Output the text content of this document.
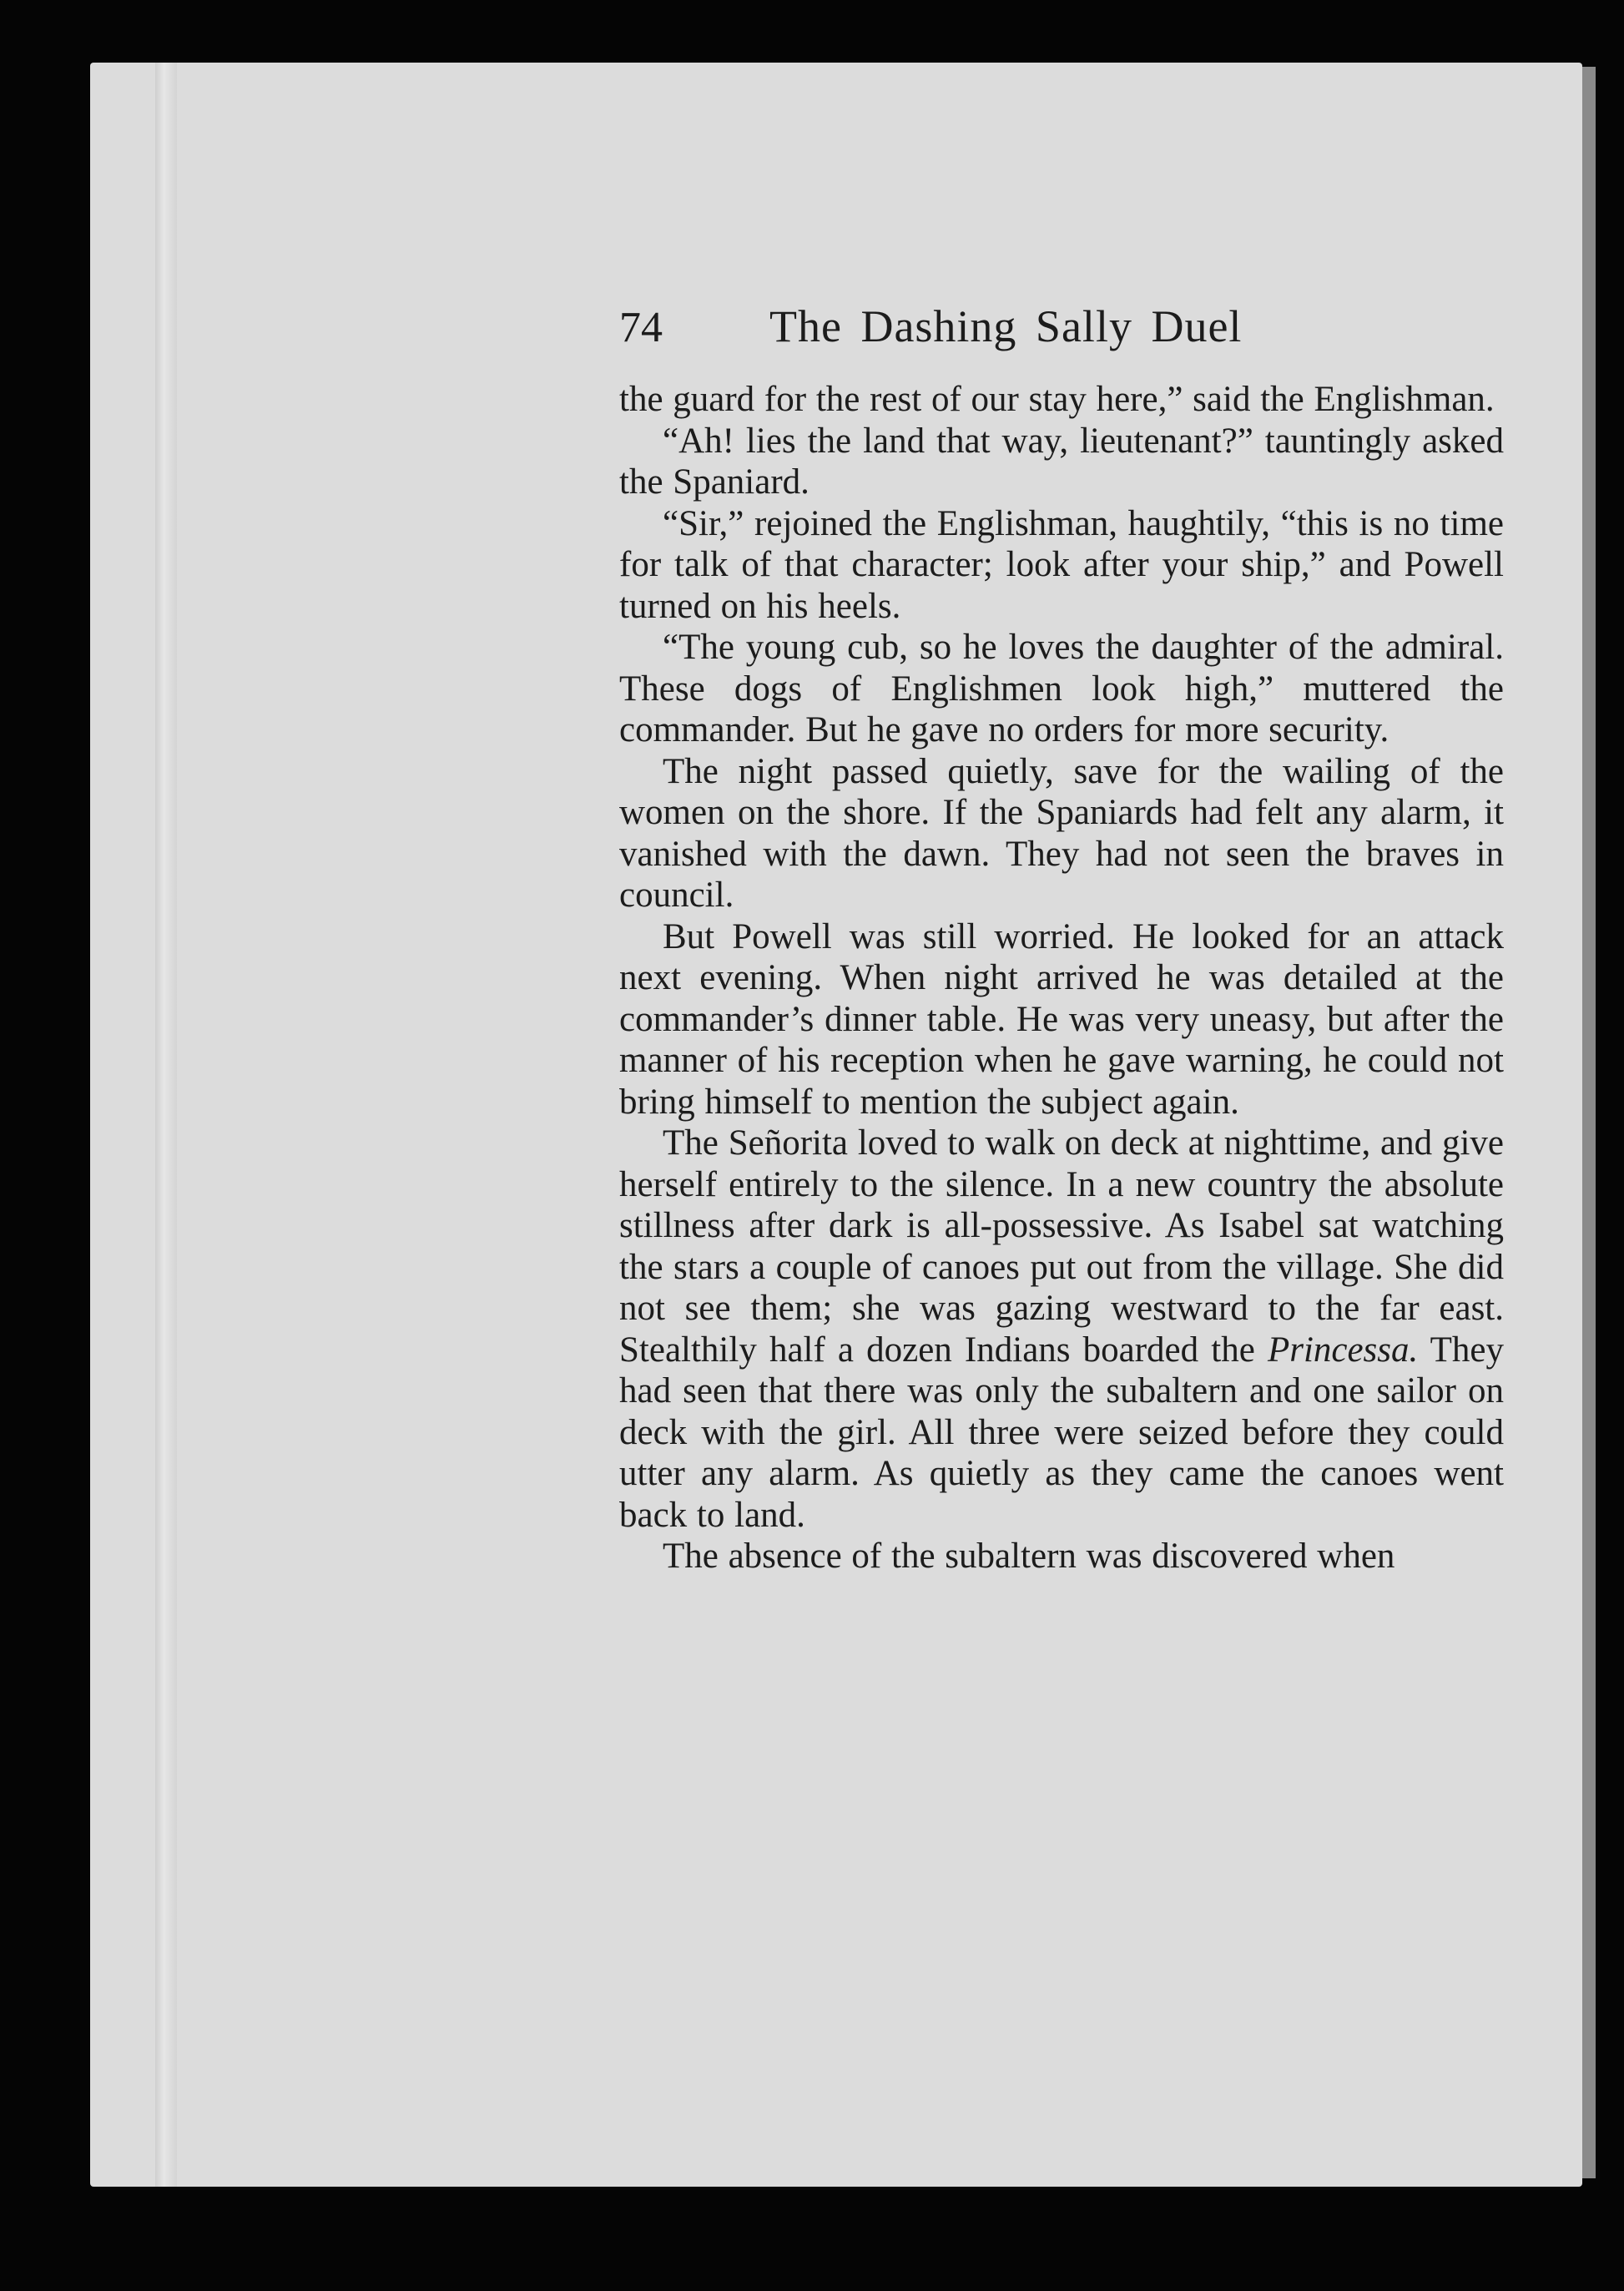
74	The Dashing Sally Duel

the guard for the rest of our stay here,” said the Englishman.

“Ah! lies the land that way, lieutenant?” tauntingly asked the Spaniard.

“Sir,” rejoined the Englishman, haughtily, “this is no time for talk of that character; look after your ship,” and Powell turned on his heels.

“The young cub, so he loves the daughter of the admiral. These dogs of Englishmen look high,” muttered the commander. But he gave no orders for more security.

The night passed quietly, save for the wailing of the women on the shore. If the Spaniards had felt any alarm, it vanished with the dawn. They had not seen the braves in council.

But Powell was still worried. He looked for an attack next evening. When night arrived he was detailed at the commander’s dinner table. He was very uneasy, but after the manner of his reception when he gave warning, he could not bring himself to mention the subject again.

The Señorita loved to walk on deck at nighttime, and give herself entirely to the silence. In a new country the absolute stillness after dark is all-possessive. As Isabel sat watching the stars a couple of canoes put out from the village. She did not see them; she was gazing westward to the far east. Stealthily half a dozen Indians boarded the Princessa. They had seen that there was only the subaltern and one sailor on deck with the girl. All three were seized before they could utter any alarm. As quietly as they came the canoes went back to land.

The absence of the subaltern was discovered when
